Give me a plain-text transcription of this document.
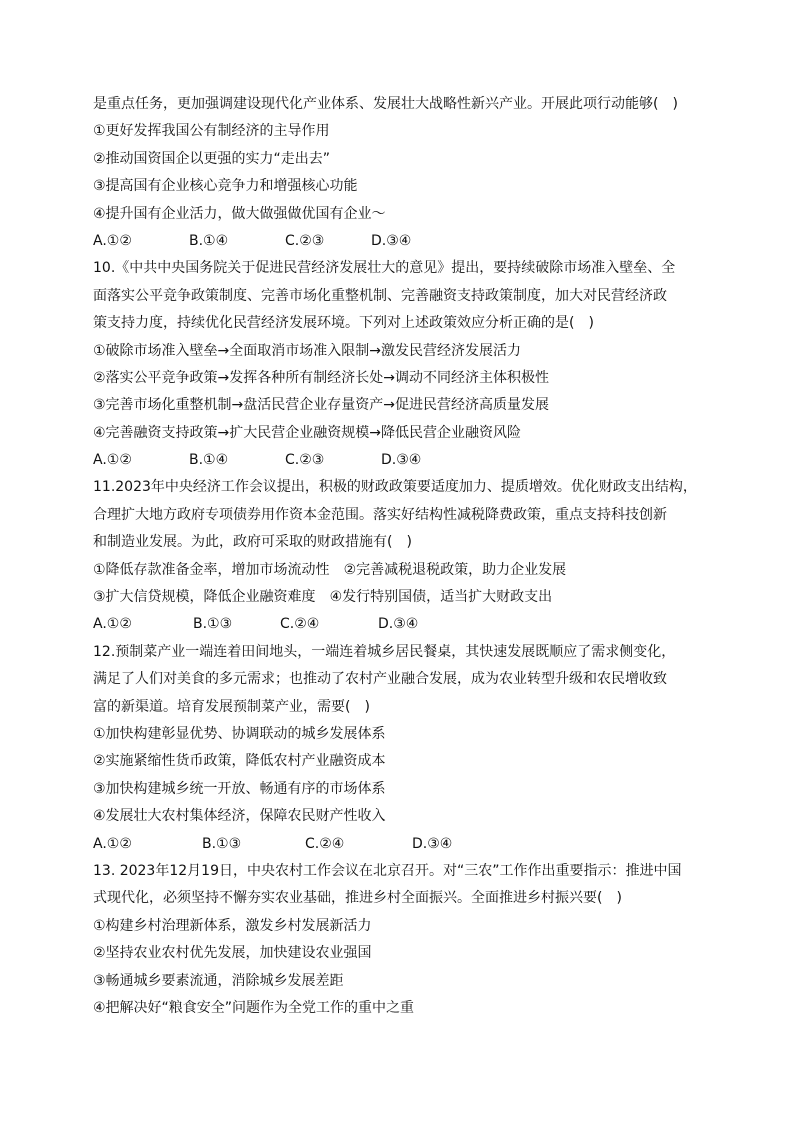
是重点任务，更加强调建设现代化产业体系、发展壮大战略性新兴产业。开展此项行动能够(　)
①更好发挥我国公有制经济的主导作用
②推动国资国企以更强的实力“走出去”
③提高国有企业核心竞争力和增强核心功能
④提升国有企业活力，做大做强做优国有企业～
A.①②	B.①④	C.②③	D.③④
10.《中共中央国务院关于促进民营经济发展壮大的意见》提出，要持续破除市场准入壁垒、全
面落实公平竞争政策制度、完善市场化重整机制、完善融资支持政策制度，加大对民营经济政
策支持力度，持续优化民营经济发展环境。下列对上述政策效应分析正确的是(　)
①破除市场准入壁垒→全面取消市场准入限制→激发民营经济发展活力
②落实公平竞争政策→发挥各种所有制经济长处→调动不同经济主体积极性
③完善市场化重整机制→盘活民营企业存量资产→促进民营经济高质量发展
④完善融资支持政策→扩大民营企业融资规模→降低民营企业融资风险
A.①②	B.①④	C.②③	D.③④
11.2023年中央经济工作会议提出，积极的财政政策要适度加力、提质增效。优化财政支出结构，
合理扩大地方政府专项债券用作资本金范围。落实好结构性减税降费政策，重点支持科技创新
和制造业发展。为此，政府可采取的财政措施有(　)
①降低存款准备金率，增加市场流动性 ②完善减税退税政策，助力企业发展
③扩大信贷规模，降低企业融资难度 ④发行特别国债，适当扩大财政支出
A.①②	B.①③	C.②④	D.③④
12.预制菜产业一端连着田间地头，一端连着城乡居民餐桌，其快速发展既顺应了需求侧变化，
满足了人们对美食的多元需求；也推动了农村产业融合发展，成为农业转型升级和农民增收致
富的新渠道。培育发展预制菜产业，需要(　)
①加快构建彰显优势、协调联动的城乡发展体系
②实施紧缩性货币政策，降低农村产业融资成本
③加快构建城乡统一开放、畅通有序的市场体系
④发展壮大农村集体经济，保障农民财产性收入
A.①②	B.①③	C.②④	D.③④
13. 2023年12月19日，中央农村工作会议在北京召开。对“三农”工作作出重要指示：推进中国
式现代化，必须坚持不懈夯实农业基础，推进乡村全面振兴。全面推进乡村振兴要(　)
①构建乡村治理新体系，激发乡村发展新活力
②坚持农业农村优先发展，加快建设农业强国
③畅通城乡要素流通，消除城乡发展差距
④把解决好“粮食安全”问题作为全党工作的重中之重
